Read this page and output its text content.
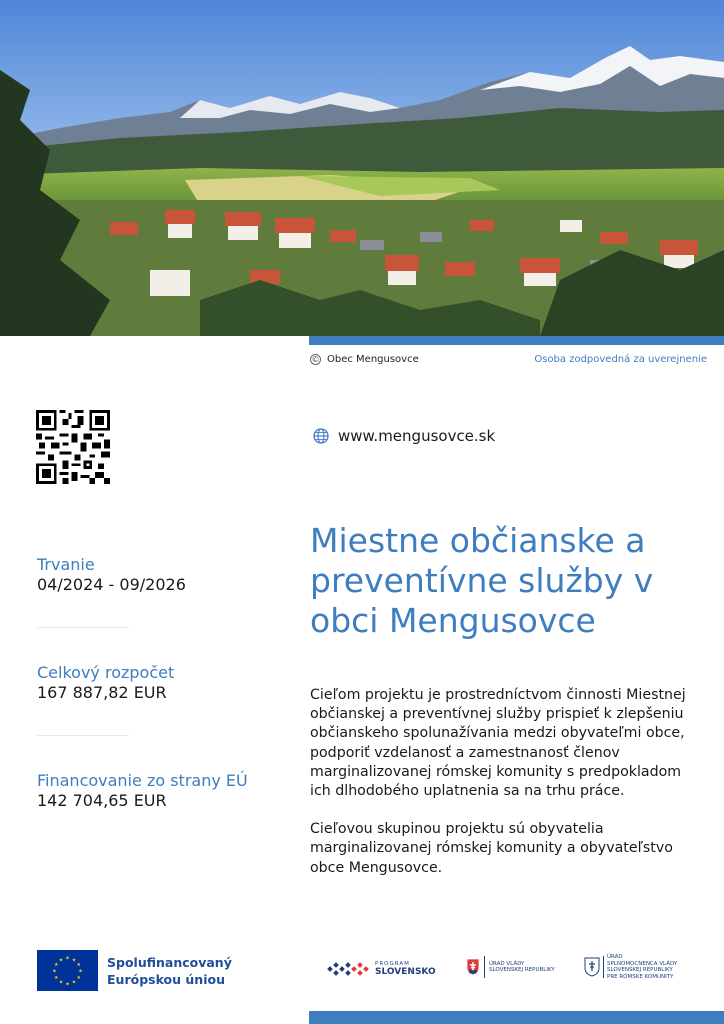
© Obec Mengusovce	Osoba zodpovedná za uverejnenie
www.mengusovce.sk
Miestne občianske a preventívne služby v obci Mengusovce
Trvanie
04/2024 - 09/2026
Celkový rozpočet
167 887,82 EUR
Financovanie zo strany EÚ
142 704,65 EUR

Cieľom projektu je prostredníctvom činnosti Miestnej občianskej a preventívnej služby prispieť k zlepšeniu občianskeho spolunažívania medzi obyvateľmi obce, podporiť vzdelanosť a zamestnanosť členov marginalizovanej rómskej komunity s predpokladom ich dlhodobého uplatnenia sa na trhu práce.

Cieľovou skupinou projektu sú obyvatelia marginalizovanej rómskej komunity a obyvateľstvo obce Mengusovce.

★ ★
★
★
★
★
★
★
★
★
★
★	Spolufinancovaný
Európskou úniou
PROGRAM
SLOVENSKO
ÚRAD VLÁDY
SLOVENSKEJ REPUBLIKY
ÚRAD
SPLNOMOCNENCA VLÁDY
SLOVENSKEJ REPUBLIKY
PRE RÓMSKE KOMUNITY
